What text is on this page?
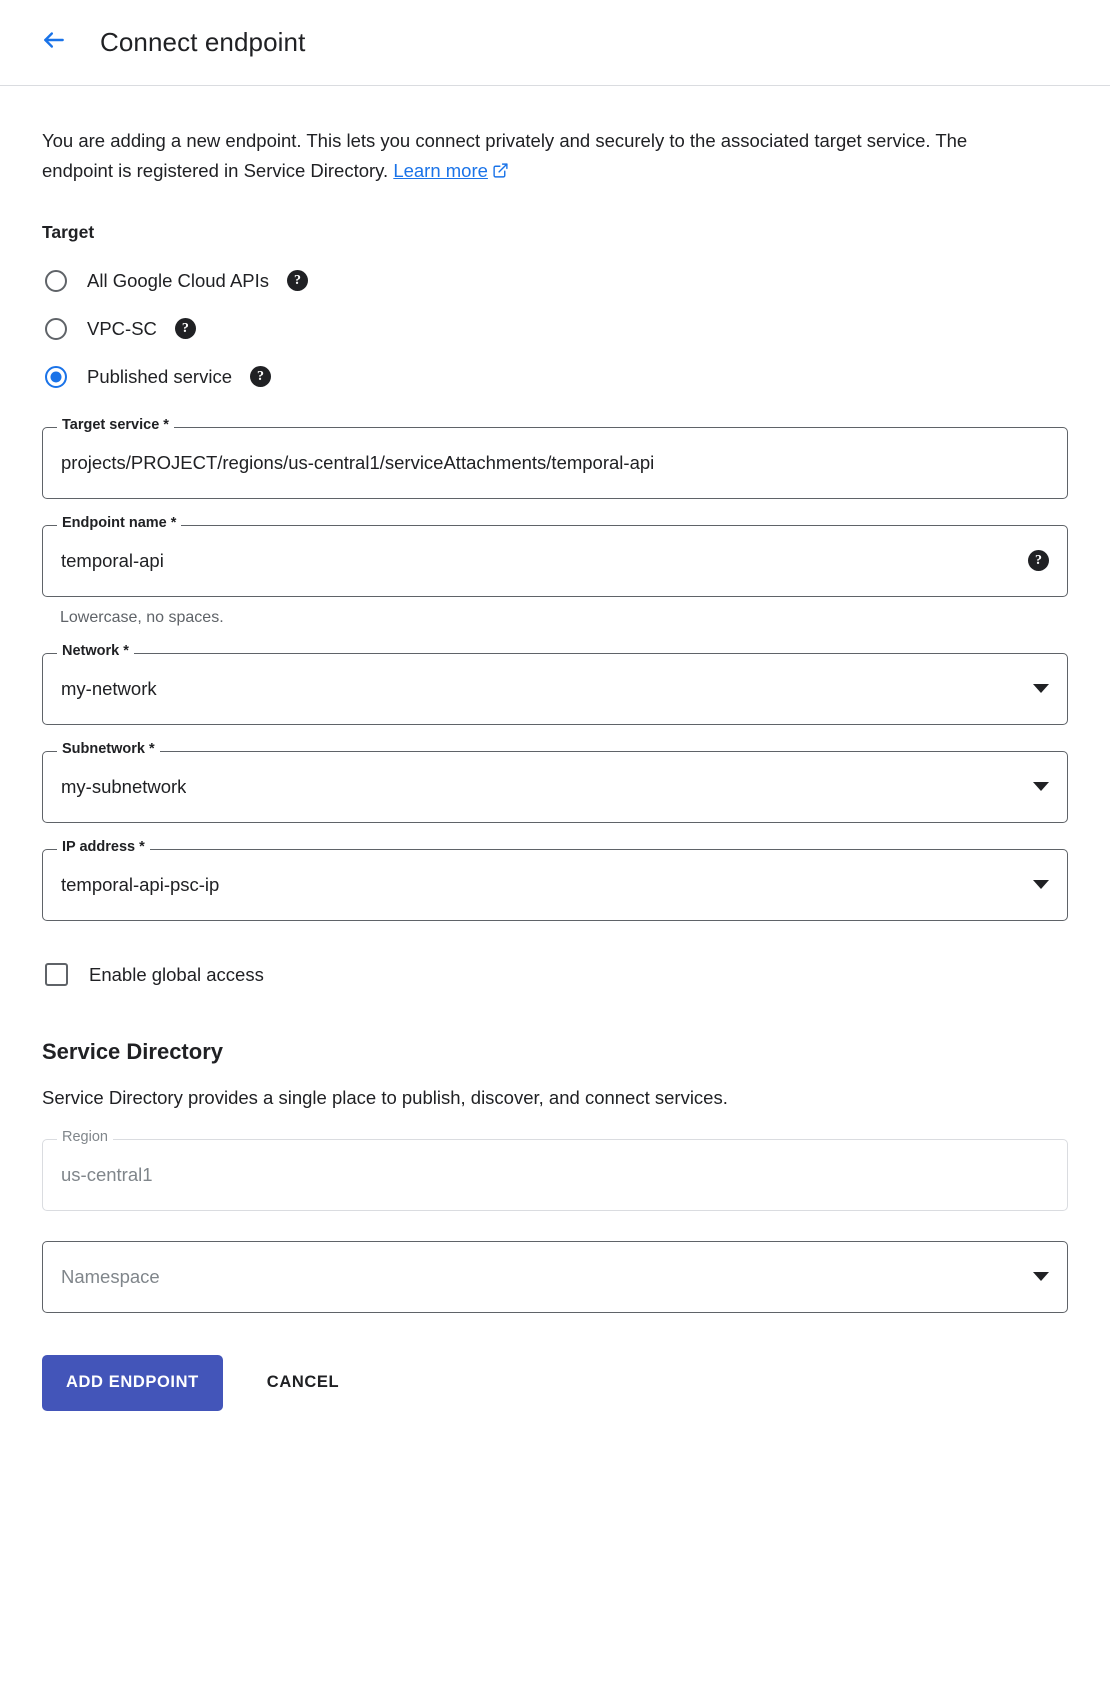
Connect endpoint
You are adding a new endpoint. This lets you connect privately and securely to the associated target service. The endpoint is registered in Service Directory. Learn more
Target
All Google Cloud APIs	?
VPC-SC	?
Published service	?
Target service *
projects/PROJECT/regions/us-central1/serviceAttachments/temporal-api
Endpoint name *
temporal-api	?
Lowercase, no spaces.
Network *
my-network
Subnetwork *
my-subnetwork
IP address *
temporal-api-psc-ip
Enable global access
Service Directory
Service Directory provides a single place to publish, discover, and connect services.
Region
us-central1
Namespace
ADD ENDPOINT	CANCEL
